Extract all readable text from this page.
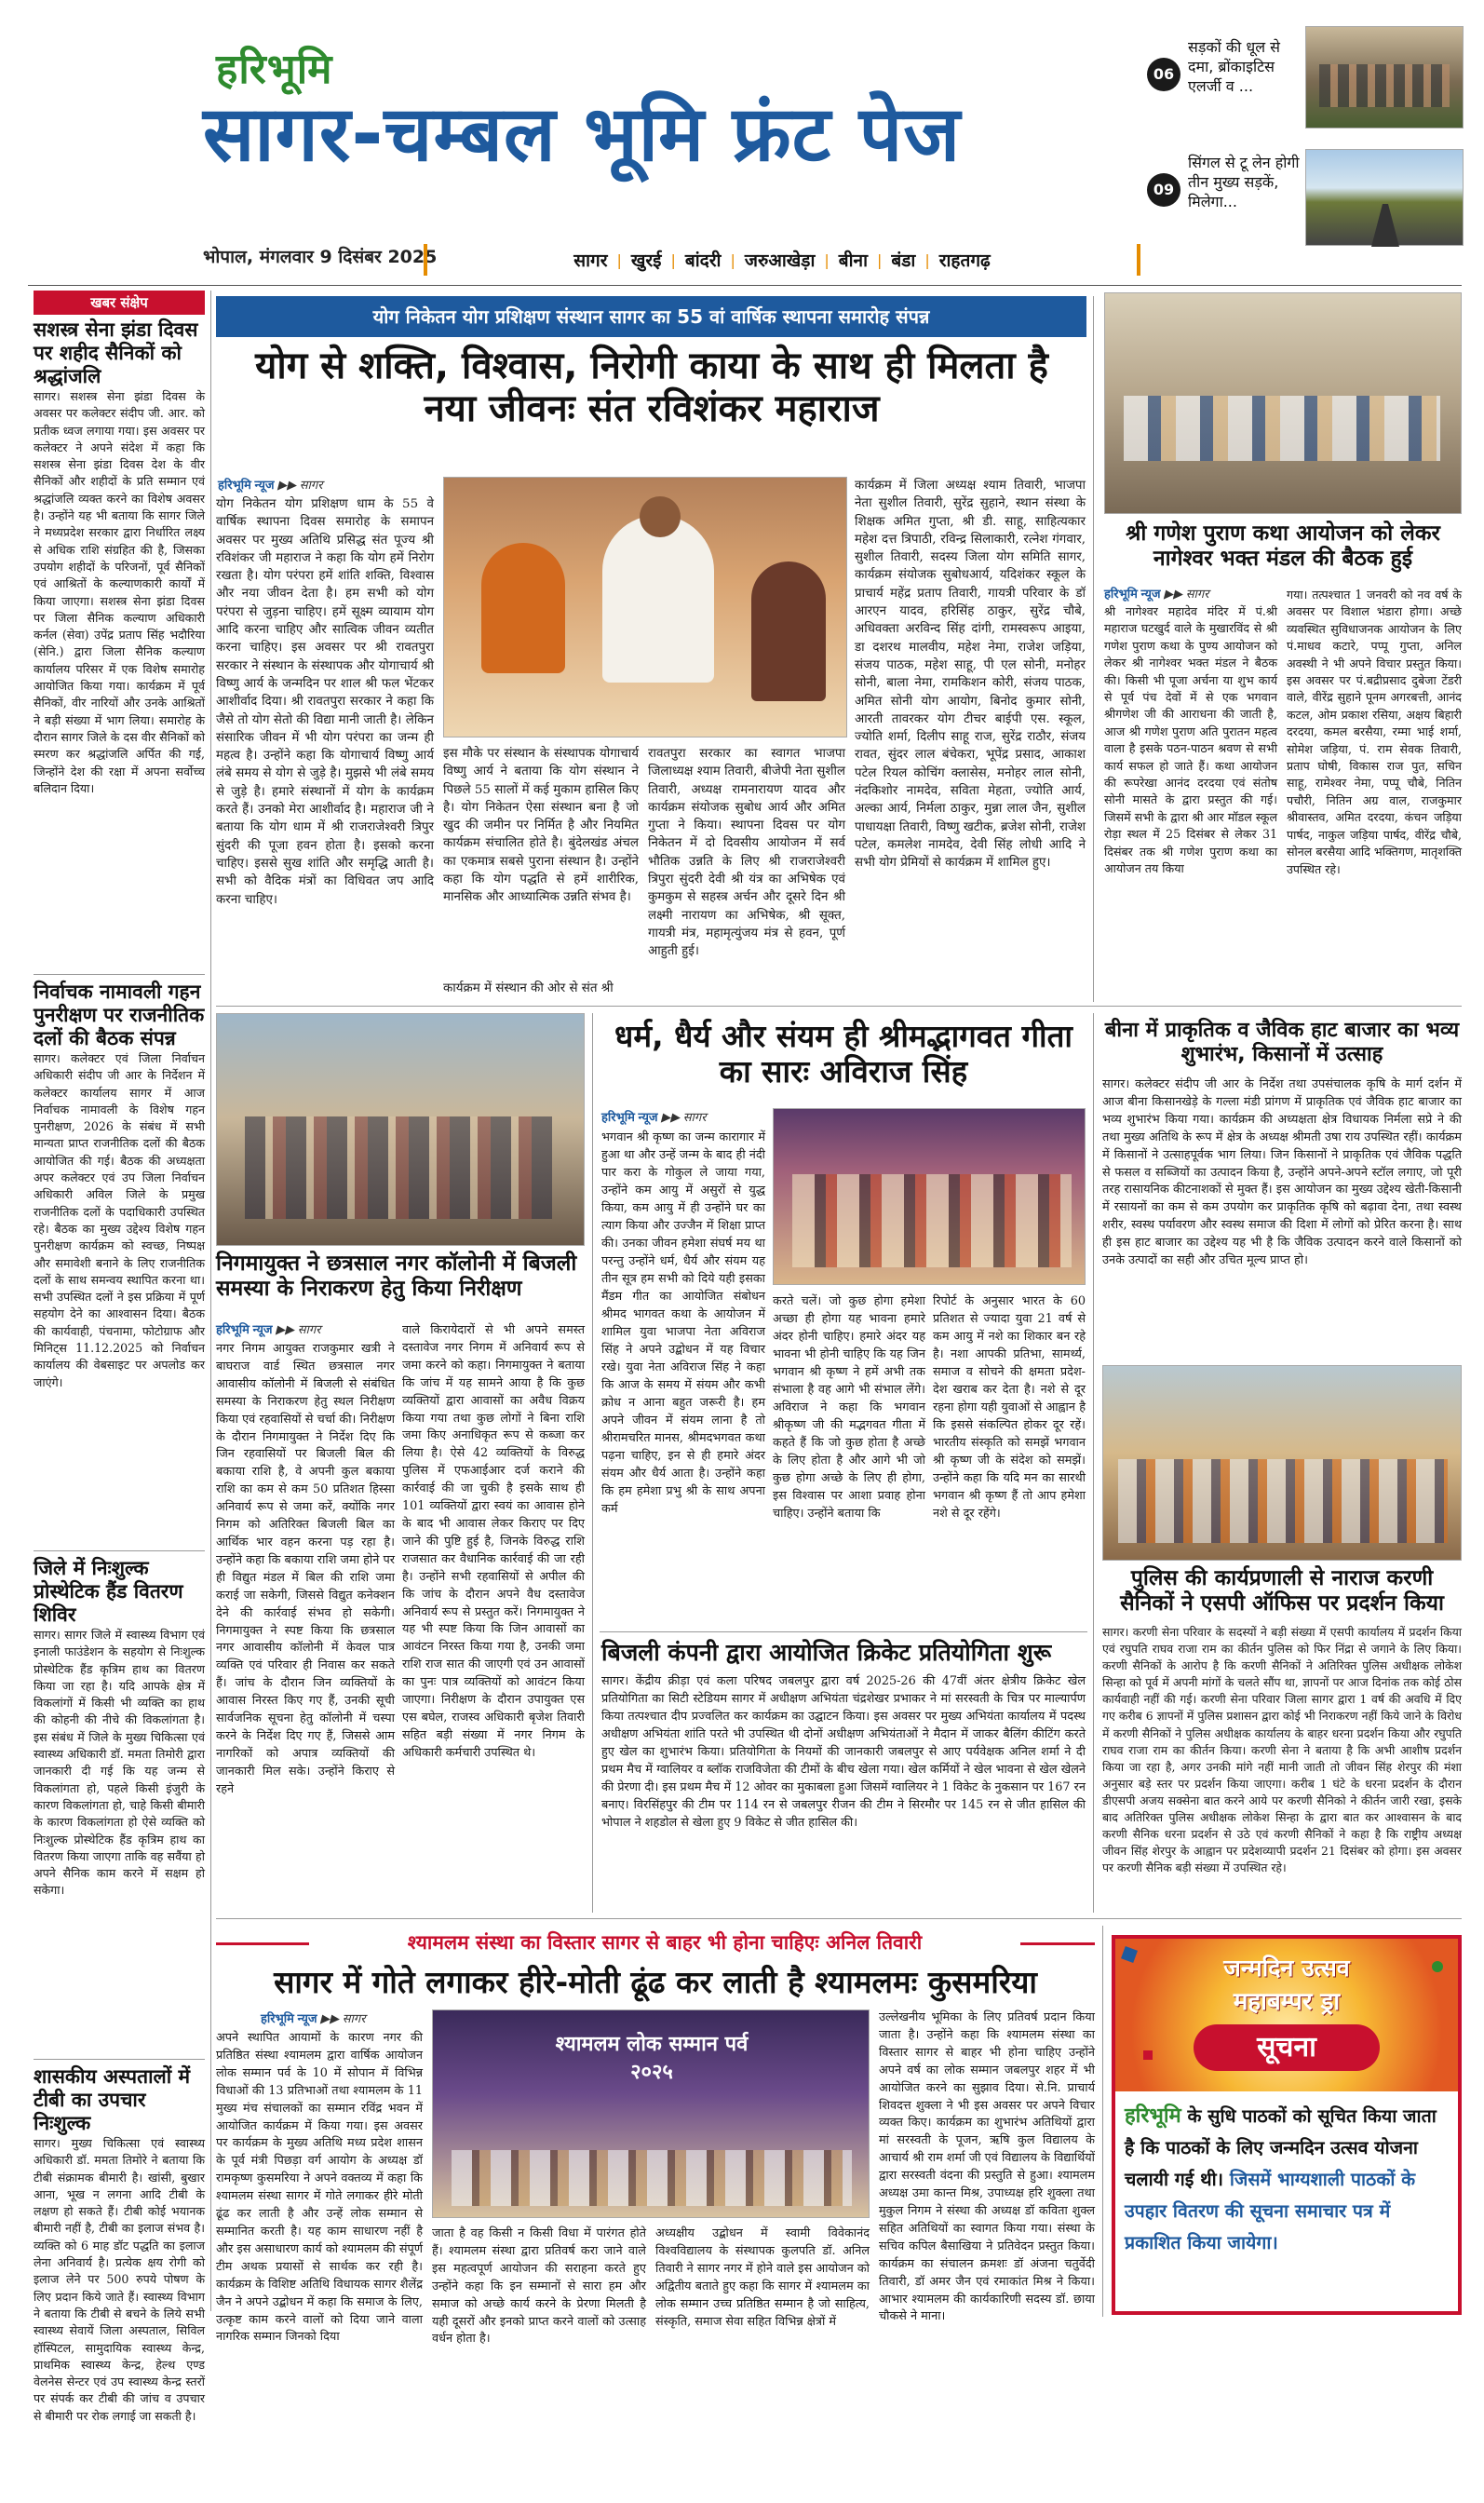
हरिभूमि
सागर-चम्बल भूमि फ्रंट पेज
भोपाल, मंगलवार 9 दिसंबर 2025	सागर | खुरई | बांदरी | जरुआखेड़ा | बीना | बंडा | राहतगढ़
06
सड़कों की धूल से दमा, ब्रोंकाइटिस एलर्जी व ...
09
सिंगल से टू लेन होगी तीन मुख्य सड़कें, मिलेगा...
खबर संक्षेप
सशस्त्र सेना झंडा दिवस पर शहीद सैनिकों को श्रद्धांजलि
सागर। सशस्त्र सेना झंडा दिवस के अवसर पर कलेक्टर संदीप जी. आर. को प्रतीक ध्वज लगाया गया। इस अवसर पर कलेक्टर ने अपने संदेश में कहा कि सशस्त्र सेना झंडा दिवस देश के वीर सैनिकों और शहीदों के प्रति सम्मान एवं श्रद्धांजलि व्यक्त करने का विशेष अवसर है। उन्होंने यह भी बताया कि सागर जिले ने मध्यप्रदेश सरकार द्वारा निर्धारित लक्ष्य से अधिक राशि संग्रहित की है, जिसका उपयोग शहीदों के परिजनों, पूर्व सैनिकों एवं आश्रितों के कल्याणकारी कार्यों में किया जाएगा। सशस्त्र सेना झंडा दिवस पर जिला सैनिक कल्याण अधिकारी कर्नल (सेवा) उपेंद्र प्रताप सिंह भदौरिया (सेनि.) द्वारा जिला सैनिक कल्याण कार्यालय परिसर में एक विशेष समारोह आयोजित किया गया। कार्यक्रम में पूर्व सैनिकों, वीर नारियों और उनके आश्रितों ने बड़ी संख्या में भाग लिया। समारोह के दौरान सागर जिले के दस वीर सैनिकों को स्मरण कर श्रद्धांजलि अर्पित की गई, जिन्होंने देश की रक्षा में अपना सर्वोच्च बलिदान दिया।
निर्वाचक नामावली गहन पुनरीक्षण पर राजनीतिक दलों की बैठक संपन्न
सागर। कलेक्टर एवं जिला निर्वाचन अधिकारी संदीप जी आर के निर्देशन में कलेक्टर कार्यालय सागर में आज निर्वाचक नामावली के विशेष गहन पुनरीक्षण, 2026 के संबंध में सभी मान्यता प्राप्त राजनीतिक दलों की बैठक आयोजित की गई। बैठक की अध्यक्षता अपर कलेक्टर एवं उप जिला निर्वाचन अधिकारी अविल जिले के प्रमुख राजनीतिक दलों के पदाधिकारी उपस्थित रहे। बैठक का मुख्य उद्देश्य विशेष गहन पुनरीक्षण कार्यक्रम को स्वच्छ, निष्पक्ष और समावेशी बनाने के लिए राजनीतिक दलों के साथ समन्वय स्थापित करना था। सभी उपस्थित दलों ने इस प्रक्रिया में पूर्ण सहयोग देने का आश्वासन दिया। बैठक की कार्यवाही, पंचनामा, फोटोग्राफ और मिनिट्स 11.12.2025 को निर्वाचन कार्यालय की वेबसाइट पर अपलोड कर जाएंगे।
जिले में निःशुल्क प्रोस्थेटिक हैंड वितरण शिविर
सागर। सागर जिले में स्वास्थ्य विभाग एवं इनाली फाउंडेशन के सहयोग से निःशुल्क प्रोस्थेटिक हैंड कृत्रिम हाथ का वितरण किया जा रहा है। यदि आपके क्षेत्र में विकलांगों में किसी भी व्यक्ति का हाथ की कोहनी की नीचे की विकलांगता है। इस संबंध में जिले के मुख्य चिकित्सा एवं स्वास्थ्य अधिकारी डॉ. ममता तिमोरी द्वारा जानकारी दी गई कि यह जन्म से विकलांगता हो, पहले किसी इंजुरी के कारण विकलांगता हो, चाहे किसी बीमारी के कारण विकलांगता हो ऐसे व्यक्ति को निःशुल्क प्रोस्थेटिक हैंड कृत्रिम हाथ का वितरण किया जाएगा ताकि वह सवैंया हो अपने सैनिक काम करने में सक्षम हो सकेगा।
शासकीय अस्पतालों में टीबी का उपचार निःशुल्क
सागर। मुख्य चिकित्सा एवं स्वास्थ्य अधिकारी डॉ. ममता तिमोरे ने बताया कि टीबी संक्रामक बीमारी है। खांसी, बुखार आना, भूख न लगना आदि टीबी के लक्षण हो सकते हैं। टीबी कोई भयानक बीमारी नहीं है, टीबी का इलाज संभव है। व्यक्ति को 6 माह डॉट पद्धति का इलाज लेना अनिवार्य है। प्रत्येक क्षय रोगी को इलाज लेने पर 500 रुपये पोषण के लिए प्रदान किये जाते हैं। स्वास्थ्य विभाग ने बताया कि टीबी से बचने के लिये सभी स्वास्थ्य सेवायें जिला अस्पताल, सिविल हॉस्पिटल, सामुदायिक स्वास्थ्य केन्द्र, प्राथमिक स्वास्थ्य केन्द्र, हेल्थ एण्ड वेलनेस सेन्टर एवं उप स्वास्थ्य केन्द्र स्तरों पर संपर्क कर टीबी की जांच व उपचार से बीमारी पर रोक लगाई जा सकती है।
योग निकेतन योग प्रशिक्षण संस्थान सागर का 55 वां वार्षिक स्थापना समारोह संपन्न
योग से शक्ति, विश्वास, निरोगी काया के साथ ही मिलता है नया जीवनः संत रविशंकर महाराज
हरिभूमि न्यूज ▶▶ सागर
योग निकेतन योग प्रशिक्षण धाम के 55 वे वार्षिक स्थापना दिवस समारोह के समापन अवसर पर मुख्य अतिथि प्रसिद्ध संत पूज्य श्री रविशंकर जी महाराज ने कहा कि योग हमें निरोग रखता है। योग परंपरा हमें शांति शक्ति, विश्वास और नया जीवन देता है। हम सभी को योग परंपरा से जुड़ना चाहिए। हमें सूक्ष्म व्यायाम योग आदि करना चाहिए और सात्विक जीवन व्यतीत करना चाहिए। इस अवसर पर श्री रावतपुरा सरकार ने संस्थान के संस्थापक और योगाचार्य श्री विष्णु आर्य के जन्मदिन पर शाल श्री फल भेंटकर आशीर्वाद दिया। श्री रावतपुरा सरकार ने कहा कि जैसे तो योग सेतो की विद्या मानी जाती है। लेकिन संसारिक जीवन में भी योग परंपरा का जन्म ही महत्व है। उन्होंने कहा कि योगाचार्य विष्णु आर्य लंबे समय से योग से जुड़े है। मुझसे भी लंबे समय से जुड़े है। हमारे संस्थानों में योग के कार्यक्रम करते हैं। उनको मेरा आशीर्वाद है। महाराज जी ने बताया कि योग धाम में श्री राजराजेश्वरी त्रिपुर सुंदरी की पूजा हवन होता है। इसको करना चाहिए। इससे सुख शांति और समृद्धि आती है। सभी को वैदिक मंत्रों का विधिवत जप आदि करना चाहिए।
इस मौके पर संस्थान के संस्थापक योगाचार्य विष्णु आर्य ने बताया कि योग संस्थान ने पिछले 55 सालों में कई मुकाम हासिल किए है। योग निकेतन ऐसा संस्थान बना है जो खुद की जमीन पर निर्मित है और नियमित कार्यक्रम संचालित होते है। बुंदेलखंड अंचल का एकमात्र सबसे पुराना संस्थान है। उन्होंने कहा कि योग पद्धति से हमें शारीरिक, मानसिक और आध्यात्मिक उन्नति संभव है।
कार्यक्रम में संस्थान की ओर से संत श्री
रावतपुरा सरकार का स्वागत भाजपा जिलाध्यक्ष श्याम तिवारी, बीजेपी नेता सुशील तिवारी, अध्यक्ष रामनारायण यादव और कार्यक्रम संयोजक सुबोध आर्य और अमित गुप्ता ने किया। स्थापना दिवस पर योग निकेतन में दो दिवसीय आयोजन में सर्व भौतिक उन्नति के लिए श्री राजराजेश्वरी त्रिपुरा सुंदरी देवी श्री यंत्र का अभिषेक एवं कुमकुम से सहस्त्र अर्चन और दूसरे दिन श्री लक्ष्मी नारायण का अभिषेक, श्री सूक्त, गायत्री मंत्र, महामृत्युंजय मंत्र से हवन, पूर्ण आहुती हुई।
कार्यक्रम में जिला अध्यक्ष श्याम तिवारी, भाजपा नेता सुशील तिवारी, सुरेंद्र सुहाने, स्थान संस्था के शिक्षक अमित गुप्ता, श्री डी. साहू, साहित्यकार महेश दत्त त्रिपाठी, रविन्द्र सिलाकारी, रत्नेश गंगवार, सुशील तिवारी, सदस्य जिला योग समिति सागर, कार्यक्रम संयोजक सुबोधआर्य, यदिशंकर स्कूल के प्राचार्य महेंद्र प्रताप तिवारी, गायत्री परिवार के डॉ आरएन यादव, हरिसिंह ठाकुर, सुरेंद्र चौबे, अधिवक्ता अरविन्द सिंह दांगी, रामस्वरूप आइया, डा दशरथ मालवीय, महेश नेमा, राजेश जड़िया, संजय पाठक, महेश साहू, पी एल सोनी, मनोहर सोनी, बाला नेमा, रामकिशन कोरी, संजय पाठक, अमित सोनी योग आयोग, बिनोद कुमार सोनी, आरती तावरकर योग टीचर बाईपी एस. स्कूल, ज्योति शर्मा, दिलीप साहू राज, सुरेंद्र राठौर, संजय रावत, सुंदर लाल बंचेकरा, भूपेंद्र प्रसाद, आकाश पटेल रियल कोचिंग क्लासेस, मनोहर लाल सोनी, नंदकिशोर नामदेव, सविता मेहता, ज्योति आर्य, अल्का आर्य, निर्मला ठाकुर, मुन्ना लाल जैन, सुशील पाधायक्षा तिवारी, विष्णु खटीक, ब्रजेश सोनी, राजेश पटेल, कमलेश नामदेव, देवी सिंह लोधी आदि ने सभी योग प्रेमियों से कार्यक्रम में शामिल हुए।
श्री गणेश पुराण कथा आयोजन को लेकर नागेश्वर भक्त मंडल की बैठक हुई
हरिभूमि न्यूज ▶▶ सागर
श्री नागेश्वर महादेव मंदिर में पं.श्री महाराज घटखुर्द वाले के मुखारविंद से श्री गणेश पुराण कथा के पुण्य आयोजन को लेकर श्री नागेश्वर भक्त मंडल ने बैठक की। किसी भी पूजा अर्चना या शुभ कार्य से पूर्व पंच देवों में से एक भगवान श्रीगणेश जी की आराधना की जाती है, आज श्री गणेश पुराण अति पुरातन महत्व वाला है इसके पठन-पाठन श्रवण से सभी कार्य सफल हो जाते हैं। कथा आयोजन की रूपरेखा आनंद दरदया एवं संतोष सोनी मासते के द्वारा प्रस्तुत की गई। जिसमें सभी के द्वारा श्री आर मॉडल स्कूल रोड़ा स्थल में 25 दिसंबर से लेकर 31 दिसंबर तक श्री गणेश पुराण कथा का आयोजन तय किया
गया। तत्पश्चात 1 जनवरी को नव वर्ष के अवसर पर विशाल भंडारा होगा। अच्छे व्यवस्थित सुविधाजनक आयोजन के लिए पं.माधव कटारे, पप्पू गुप्ता, अनिल अवस्थी ने भी अपने विचार प्रस्तुत किया। इस अवसर पर पं.बद्रीप्रसाद दुबेजा टेंडरी वाले, वीरेंद्र सुहाने पूनम अगरबत्ती, आनंद कटल, ओम प्रकाश रसिया, अक्षय बिहारी दरदया, कमल बरसैया, रम्मा भाई शर्मा, सोमेश जड़िया, पं. राम सेवक तिवारी, प्रताप घोषी, विकास राज पुत, सचिन साहू, रामेश्वर नेमा, पप्पू चौबे, नितिन पचौरी, नितिन अग्र वाल, राजकुमार श्रीवास्तव, अमित दरदया, कंचन जड़िया पार्षद, नाकुल जड़िया पार्षद, वीरेंद्र चौबे, सोनल बरसैया आदि भक्तिगण, मातृशक्ति उपस्थित रहे।
निगमायुक्त ने छत्रसाल नगर कॉलोनी में बिजली समस्या के निराकरण हेतु किया निरीक्षण
हरिभूमि न्यूज ▶▶ सागर
नगर निगम आयुक्त राजकुमार खत्री ने बाघराज वार्ड स्थित छत्रसाल नगर आवासीय कॉलोनी में बिजली से संबंधित समस्या के निराकरण हेतु स्थल निरीक्षण किया एवं रहवासियों से चर्चा की। निरीक्षण के दौरान निगमायुक्त ने निर्देश दिए कि जिन रहवासियों पर बिजली बिल की बकाया राशि है, वे अपनी कुल बकाया राशि का कम से कम 50 प्रतिशत हिस्सा अनिवार्य रूप से जमा करें, क्योंकि नगर निगम को अतिरिक्त बिजली बिल का आर्थिक भार वहन करना पड़ रहा है। उन्होंने कहा कि बकाया राशि जमा होने पर ही विद्युत मंडल में बिल की राशि जमा कराई जा सकेगी, जिससे विद्युत कनेक्शन देने की कार्रवाई संभव हो सकेगी। निगमायुक्त ने स्पष्ट किया कि छत्रसाल नगर आवासीय कॉलोनी में केवल पात्र व्यक्ति एवं परिवार ही निवास कर सकते हैं। जांच के दौरान जिन व्यक्तियों के आवास निरस्त किए गए हैं, उनकी सूची सार्वजनिक सूचना हेतु कॉलोनी में चस्पा करने के निर्देश दिए गए हैं, जिससे आम नागरिकों को अपात्र व्यक्तियों की जानकारी मिल सके। उन्होंने किराए से रहने
वाले किरायेदारों से भी अपने समस्त दस्तावेज नगर निगम में अनिवार्य रूप से जमा करने को कहा। निगमायुक्त ने बताया कि जांच में यह सामने आया है कि कुछ व्यक्तियों द्वारा आवासों का अवैध विक्रय किया गया तथा कुछ लोगों ने बिना राशि जमा किए अनाधिकृत रूप से कब्जा कर लिया है। ऐसे 42 व्यक्तियों के विरुद्ध पुलिस में एफआईआर दर्ज कराने की कार्रवाई की जा चुकी है इसके साथ ही 101 व्यक्तियों द्वारा स्वयं का आवास होने के बाद भी आवास लेकर किराए पर दिए जाने की पुष्टि हुई है, जिनके विरुद्ध राशि राजसात कर वैधानिक कार्रवाई की जा रही है। उन्होंने सभी रहवासियों से अपील की कि जांच के दौरान अपने वैध दस्तावेज अनिवार्य रूप से प्रस्तुत करें। निगमायुक्त ने यह भी स्पष्ट किया कि जिन आवासों का आवंटन निरस्त किया गया है, उनकी जमा राशि राज सात की जाएगी एवं उन आवासों का पुनः पात्र व्यक्तियों को आवंटन किया जाएगा। निरीक्षण के दौरान उपायुक्त एस एस बघेल, राजस्व अधिकारी बृजेश तिवारी सहित बड़ी संख्या में नगर निगम के अधिकारी कर्मचारी उपस्थित थे।
धर्म, धैर्य और संयम ही श्रीमद्भागवत गीता का सारः अविराज सिंह
हरिभूमि न्यूज ▶▶ सागर
भगवान श्री कृष्ण का जन्म कारागार में हुआ था और उन्हें जन्म के बाद ही नंदी पार करा के गोकुल ले जाया गया, उन्होंने कम आयु में असुरों से युद्ध किया, कम आयु में ही उन्होंने घर का त्याग किया और उज्जैन में शिक्षा प्राप्त की। उनका जीवन हमेशा संघर्ष मय था परन्तु उन्होंने धर्म, धैर्य और संयम यह तीन सूत्र हम सभी को दिये यही इसका मैंडम गीत का आयोजित संबोधन श्रीमद भागवत कथा के आयोजन में शामिल युवा भाजपा नेता अविराज सिंह ने अपने उद्बोधन में यह विचार रखे। युवा नेता अविराज सिंह ने कहा कि आज के समय में संयम और कभी क्रोध न आना बहुत जरूरी है। हम अपने जीवन में संयम लाना है तो श्रीरामचरित मानस, श्रीमदभगवत कथा पढ़ना चाहिए, इन से ही हमारे अंदर संयम और धैर्य आता है। उन्होंने कहा कि हम हमेशा प्रभु श्री के साथ अपना कर्म
करते चलें। जो कुछ होगा हमेशा अच्छा ही होगा यह भावना हमारे अंदर होनी चाहिए। हमारे अंदर यह भावना भी होनी चाहिए कि यह जिन भगवान श्री कृष्ण ने हमें अभी तक संभाला है वह आगे भी संभाल लेंगे। अविराज ने कहा कि भगवान श्रीकृष्ण जी की मद्भगवत गीता में कहते हैं कि जो कुछ होता है अच्छे के लिए होता है और आगे भी जो कुछ होगा अच्छे के लिए ही होगा, इस विश्वास पर आशा प्रवाह होना चाहिए। उन्होंने बताया कि
रिपोर्ट के अनुसार भारत के 60 प्रतिशत से ज्यादा युवा 21 वर्ष से कम आयु में नशे का शिकार बन रहे है। नशा आपकी प्रतिभा, सामर्थ्य, समाज व सोचने की क्षमता प्रदेश-देश खराब कर देता है। नशे से दूर रहना होगा यही युवाओं से आह्वान है कि इससे संकल्पित होकर दूर रहें। भारतीय संस्कृति को समझें भगवान श्री कृष्ण जी के संदेश को समझें। उन्होंने कहा कि यदि मन का सारथी भगवान श्री कृष्ण हैं तो आप हमेशा नशे से दूर रहेंगे।
बिजली कंपनी द्वारा आयोजित क्रिकेट प्रतियोगिता शुरू
सागर। केंद्रीय क्रीड़ा एवं कला परिषद जबलपुर द्वारा वर्ष 2025-26 की 47वीं अंतर क्षेत्रीय क्रिकेट खेल प्रतियोगिता का सिटी स्टेडियम सागर में अधीक्षण अभियंता चंद्रशेखर प्रभाकर ने मां सरस्वती के चित्र पर माल्यार्पण किया तत्पश्चात दीप प्रज्वलित कर कार्यक्रम का उद्घाटन किया। इस अवसर पर मुख्य अभियंता कार्यालय में पदस्थ अधीक्षण अभियंता शांति परते भी उपस्थित थी दोनों अधीक्षण अभियंताओं ने मैदान में जाकर बैलिंग कीटिंग करते हुए खेल का शुभारंभ किया। प्रतियोगिता के नियमों की जानकारी जबलपुर से आए पर्यवेक्षक अनिल शर्मा ने दी प्रथम मैच में ग्वालियर व ब्लॉक राजविजेता की टीमों के बीच खेला गया। खेल कर्मियों ने खेल भावना से खेल खेलने की प्रेरणा दी। इस प्रथम मैच में 12 ओवर का मुकाबला हुआ जिसमें ग्वालियर ने 1 विकेट के नुकसान पर 167 रन बनाए। विरसिंहपुर की टीम पर 114 रन से जबलपुर रीजन की टीम ने सिरमौर पर 145 रन से जीत हासिल की भोपाल ने शहडोल से खेला हुए 9 विकेट से जीत हासिल की।
बीना में प्राकृतिक व जैविक हाट बाजार का भव्य शुभारंभ, किसानों में उत्साह
सागर। कलेक्टर संदीप जी आर के निर्देश तथा उपसंचालक कृषि के मार्ग दर्शन में आज बीना किसानखेड़े के गल्ला मंडी प्रांगण में प्राकृतिक एवं जैविक हाट बाजार का भव्य शुभारंभ किया गया। कार्यक्रम की अध्यक्षता क्षेत्र विधायक निर्मला सप्रे ने की तथा मुख्य अतिथि के रूप में क्षेत्र के अध्यक्ष श्रीमती उषा राय उपस्थित रहीं। कार्यक्रम में किसानों ने उत्साहपूर्वक भाग लिया। जिन किसानों ने प्राकृतिक एवं जैविक पद्धति से फसल व सब्जियों का उत्पादन किया है, उन्होंने अपने-अपने स्टॉल लगाए, जो पूरी तरह रासायनिक कीटनाशकों से मुक्त हैं। इस आयोजन का मुख्य उद्देश्य खेती-किसानी में रसायनों का कम से कम उपयोग कर प्राकृतिक कृषि को बढ़ावा देना, तथा स्वस्थ शरीर, स्वस्थ पर्यावरण और स्वस्थ समाज की दिशा में लोगों को प्रेरित करना है। साथ ही इस हाट बाजार का उद्देश्य यह भी है कि जैविक उत्पादन करने वाले किसानों को उनके उत्पादों का सही और उचित मूल्य प्राप्त हो।
पुलिस की कार्यप्रणाली से नाराज करणी सैनिकों ने एसपी ऑफिस पर प्रदर्शन किया
सागर। करणी सेना परिवार के सदस्यों ने बड़ी संख्या में एसपी कार्यालय में प्रदर्शन किया एवं रघुपति राघव राजा राम का कीर्तन पुलिस को फिर निंद्रा से जगाने के लिए किया। करणी सैनिकों के आरोप है कि करणी सैनिकों ने अतिरिक्त पुलिस अधीक्षक लोकेश सिन्हा को पूर्व में अपनी मांगों के चलते सौंप था, ज्ञापनों पर आज दिनांक तक कोई ठोस कार्यवाही नहीं की गई। करणी सेना परिवार जिला सागर द्वारा 1 वर्ष की अवधि में दिए गए करीब 6 ज्ञापनों में पुलिस प्रशासन द्वारा कोई भी निराकरण नहीं किये जाने के विरोध में करणी सैनिकों ने पुलिस अधीक्षक कार्यालय के बाहर धरना प्रदर्शन किया और रघुपति राघव राजा राम का कीर्तन किया। करणी सेना ने बताया है कि अभी आशीष प्रदर्शन किया जा रहा है, अगर उनकी मांगे नहीं मानी जाती तो जीवन सिंह शेरपुर की मंशा अनुसार बड़े स्तर पर प्रदर्शन किया जाएगा। करीब 1 घंटे के धरना प्रदर्शन के दौरान डीएसपी अजय सक्सेना बात करने आये पर करणी सैनिको ने कीर्तन जारी रखा, इसके बाद अतिरिक्त पुलिस अधीक्षक लोकेश सिन्हा के द्वारा बात कर आश्वासन के बाद करणी सैनिक धरना प्रदर्शन से उठे एवं करणी सैनिकों ने कहा है कि राष्ट्रीय अध्यक्ष जीवन सिंह शेरपुर के आह्वान पर प्रदेशव्यापी प्रदर्शन 21 दिसंबर को होगा। इस अवसर पर करणी सैनिक बड़ी संख्या में उपस्थित रहे।
श्यामलम संस्था का विस्तार सागर से बाहर भी होना चाहिएः अनिल तिवारी
सागर में गोते लगाकर हीरे-मोती ढूंढ कर लाती है श्यामलमः कुसमरिया
हरिभूमि न्यूज ▶▶ सागर
अपने स्थापित आयामों के कारण नगर की प्रतिष्ठित संस्था श्यामलम द्वारा वार्षिक आयोजन लोक सम्मान पर्व के 10 में सोपान में विभिन्न विधाओं की 13 प्रतिभाओं तथा श्यामलम के 11 मुख्य मंच संचालकों का सम्मान रविंद्र भवन में आयोजित कार्यक्रम में किया गया। इस अवसर पर कार्यक्रम के मुख्य अतिथि मध्य प्रदेश शासन के पूर्व मंत्री पिछड़ा वर्ग आयोग के अध्यक्ष डॉ रामकृष्ण कुसमरिया ने अपने वक्तव्य में कहा कि श्यामलम संस्था सागर में गोते लगाकर हीरे मोती ढूंढ कर लाती है और उन्हें लोक सम्मान से सम्मानित करती है। यह काम साधारण नहीं है और इस असाधारण कार्य को श्यामलम की संपूर्ण टीम अथक प्रयासों से सार्थक कर रही है। कार्यक्रम के विशिष्ट अतिथि विधायक सागर शैलेंद्र जैन ने अपने उद्बोधन में कहा कि समाज के लिए, उत्कृष्ट काम करने वालों को दिया जाने वाला नागरिक सम्मान जिनको दिया
श्यामलम लोक सम्मान पर्व २०२५
जाता है वह किसी न किसी विधा में पारंगत होते हैं। श्यामलम संस्था द्वारा प्रतिवर्ष करा जाने वाले इस महत्वपूर्ण आयोजन की सराहना करते हुए उन्होंने कहा कि इन सम्मानों से सारा हम और समाज को अच्छे कार्य करने के प्रेरणा मिलती है यही दूसरों और इनको प्राप्त करने वालों को उत्साह वर्धन होता है।
अध्यक्षीय उद्बोधन में स्वामी विवेकानंद विश्वविद्यालय के संस्थापक कुलपति डॉ. अनिल तिवारी ने सागर नगर में होने वाले इस आयोजन को अद्वितीय बताते हुए कहा कि सागर में श्यामलम का लोक सम्मान उच्च प्रतिष्ठित सम्मान है जो साहित्य, संस्कृति, समाज सेवा सहित विभिन्न क्षेत्रों में
उल्लेखनीय भूमिका के लिए प्रतिवर्ष प्रदान किया जाता है। उन्होंने कहा कि श्यामलम संस्था का विस्तार सागर से बाहर भी होना चाहिए उन्होंने अपने वर्ष का लोक सम्मान जबलपुर शहर में भी आयोजित करने का सुझाव दिया। से.नि. प्राचार्य शिवदत्त शुक्ला ने भी इस अवसर पर अपने विचार व्यक्त किए। कार्यक्रम का शुभारंभ अतिथियों द्वारा मां सरस्वती के पूजन, ऋषि कुल विद्यालय के आचार्य श्री राम शर्मा जी एवं विद्यालय के विद्यार्थियों द्वारा सरस्वती वंदना की प्रस्तुति से हुआ। श्यामलम अध्यक्ष उमा कान्त मिश्र, उपाध्यक्ष हरि शुक्ला तथा मुकुल निगम ने संस्था की अध्यक्ष डॉ कविता शुक्ल सहित अतिथियों का स्वागत किया गया। संस्था के सचिव कपिल बैसाखिया ने प्रतिवेदन प्रस्तुत किया। कार्यक्रम का संचालन क्रमशः डॉ अंजना चतुर्वेदी तिवारी, डॉ अमर जैन एवं रमाकांत मिश्र ने किया। आभार श्यामलम की कार्यकारिणी सदस्य डॉ. छाया चौकसे ने माना।
जन्मदिन उत्सव
महाबम्पर ड्रा
सूचना
हरिभूमि के सुधि पाठकों को सूचित किया जाता है कि पाठकों के लिए जन्मदिन उत्सव योजना चलायी गई थी। जिसमें भाग्यशाली पाठकों के उपहार वितरण की सूचना समाचार पत्र में प्रकाशित किया जायेगा।
